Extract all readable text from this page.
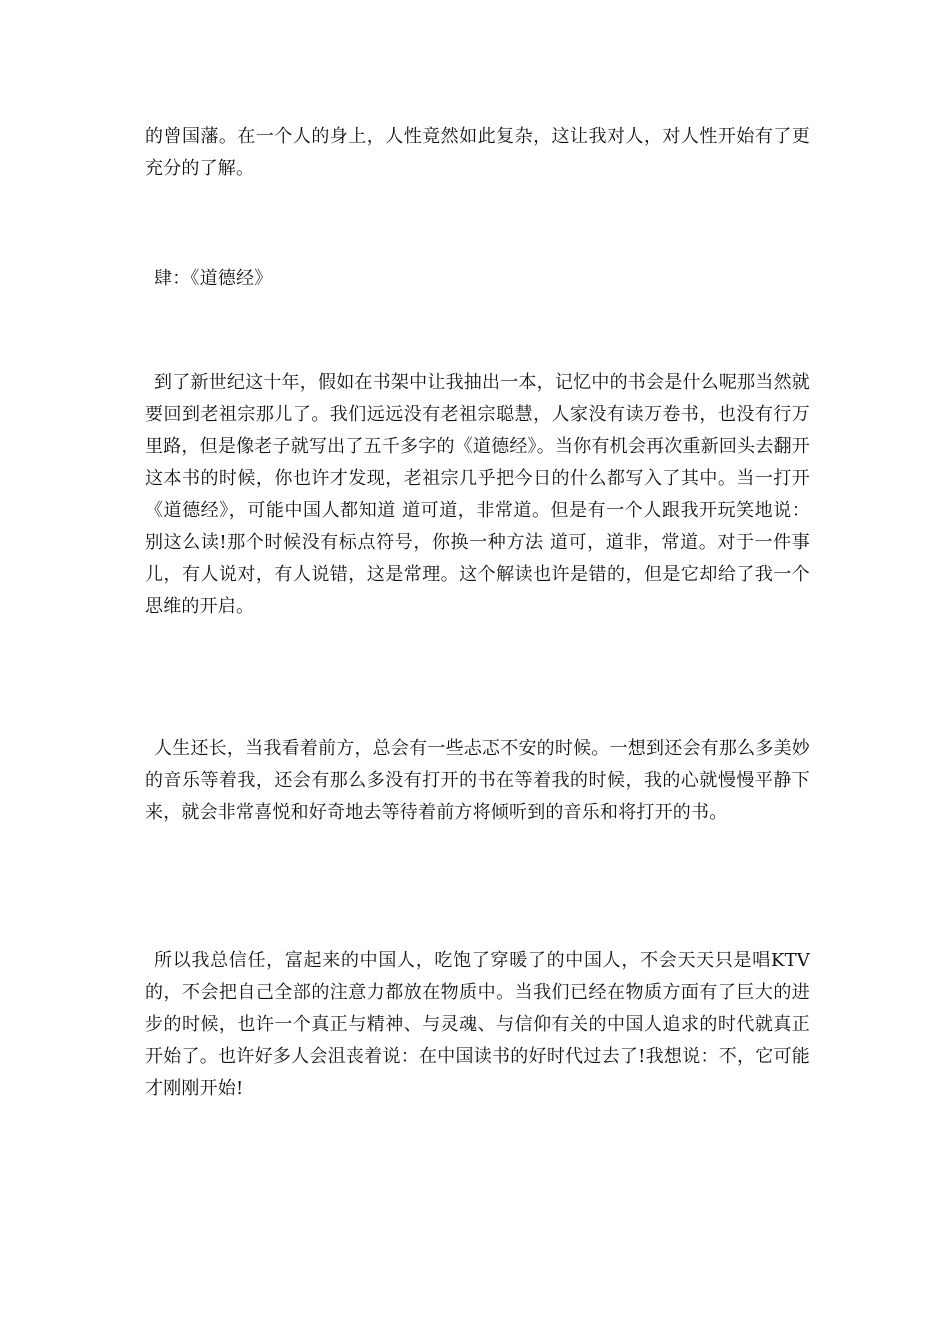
的曾国藩。在一个人的身上，人性竟然如此复杂，这让我对人，对人性开始有了更充分的了解。

肆：《道德经》

到了新世纪这十年，假如在书架中让我抽出一本，记忆中的书会是什么呢那当然就要回到老祖宗那儿了。我们远远没有老祖宗聪慧，人家没有读万卷书，也没有行万里路，但是像老子就写出了五千多字的《道德经》。当你有机会再次重新回头去翻开这本书的时候，你也许才发现，老祖宗几乎把今日的什么都写入了其中。当一打开《道德经》，可能中国人都知道 道可道，非常道。但是有一个人跟我开玩笑地说：别这么读!那个时候没有标点符号，你换一种方法 道可，道非，常道。对于一件事儿，有人说对，有人说错，这是常理。这个解读也许是错的，但是它却给了我一个思维的开启。

人生还长，当我看着前方，总会有一些忐忑不安的时候。一想到还会有那么多美妙的音乐等着我，还会有那么多没有打开的书在等着我的时候，我的心就慢慢平静下来，就会非常喜悦和好奇地去等待着前方将倾听到的音乐和将打开的书。

所以我总信任，富起来的中国人，吃饱了穿暖了的中国人，不会天天只是唱KTV的，不会把自己全部的注意力都放在物质中。当我们已经在物质方面有了巨大的进步的时候，也许一个真正与精神、与灵魂、与信仰有关的中国人追求的时代就真正开始了。也许好多人会沮丧着说：在中国读书的好时代过去了!我想说：不，它可能才刚刚开始!
